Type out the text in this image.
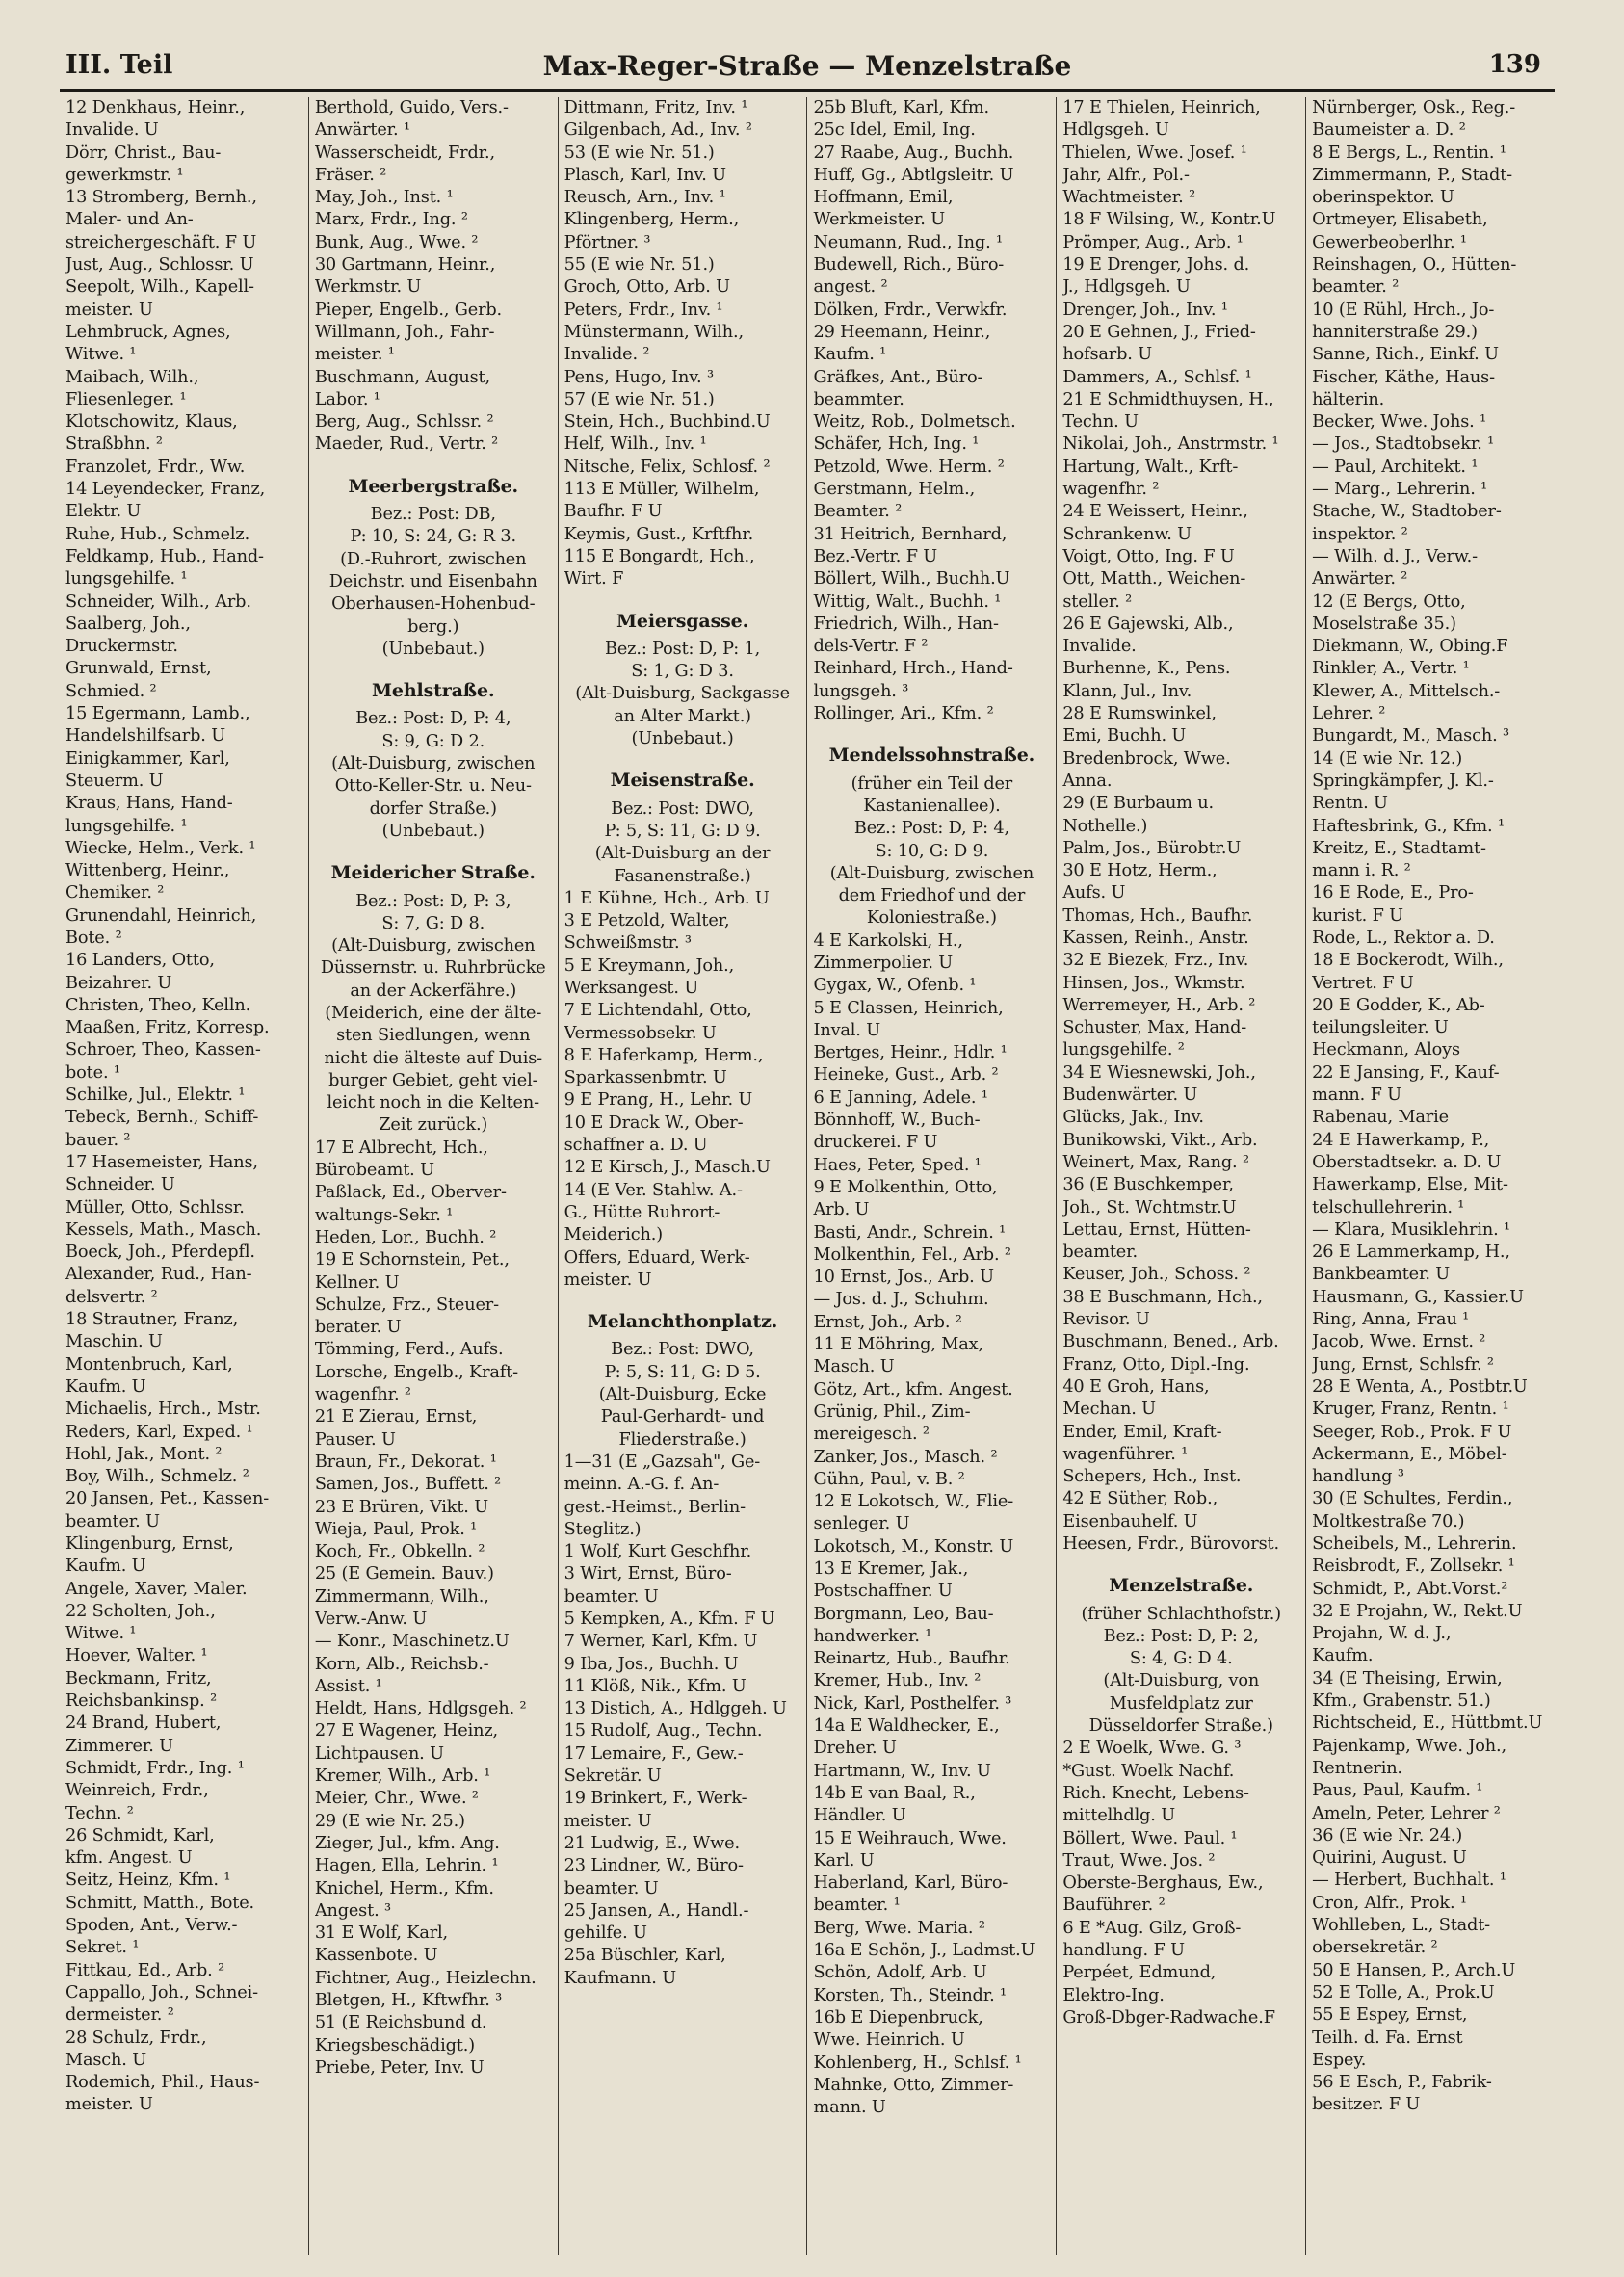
III. Teil	Max-Reger-Straße — Menzelstraße	139
12 Denkhaus, Heinr.,
Invalide. U
Dörr, Christ., Bau-
gewerkmstr. ¹
13 Stromberg, Bernh.,
Maler- und An-
streichergeschäft. F U
Just, Aug., Schlossr. U
Seepolt, Wilh., Kapell-
meister. U
Lehmbruck, Agnes,
Witwe. ¹
Maibach, Wilh.,
Fliesenleger. ¹
Klotschowitz, Klaus,
Straßbhn. ²
Franzolet, Frdr., Ww.
14 Leyendecker, Franz,
Elektr. U
Ruhe, Hub., Schmelz.
Feldkamp, Hub., Hand-
lungsgehilfe. ¹
Schneider, Wilh., Arb.
Saalberg, Joh.,
Druckermstr.
Grunwald, Ernst,
Schmied. ²
15 Egermann, Lamb.,
Handelshilfsarb. U
Einigkammer, Karl,
Steuerm. U
Kraus, Hans, Hand-
lungsgehilfe. ¹
Wiecke, Helm., Verk. ¹
Wittenberg, Heinr.,
Chemiker. ²
Grunendahl, Heinrich,
Bote. ²
16 Landers, Otto,
Beizahrer. U
Christen, Theo, Kelln.
Maaßen, Fritz, Korresp.
Schroer, Theo, Kassen-
bote. ¹
Schilke, Jul., Elektr. ¹
Tebeck, Bernh., Schiff-
bauer. ²
17 Hasemeister, Hans,
Schneider. U
Müller, Otto, Schlssr.
Kessels, Math., Masch.
Boeck, Joh., Pferdepfl.
Alexander, Rud., Han-
delsvertr. ²
18 Strautner, Franz,
Maschin. U
Montenbruch, Karl,
Kaufm. U
Michaelis, Hrch., Mstr.
Reders, Karl, Exped. ¹
Hohl, Jak., Mont. ²
Boy, Wilh., Schmelz. ²
20 Jansen, Pet., Kassen-
beamter. U
Klingenburg, Ernst,
Kaufm. U
Angele, Xaver, Maler.
22 Scholten, Joh.,
Witwe. ¹
Hoever, Walter. ¹
Beckmann, Fritz,
Reichsbankinsp. ²
24 Brand, Hubert,
Zimmerer. U
Schmidt, Frdr., Ing. ¹
Weinreich, Frdr.,
Techn. ²
26 Schmidt, Karl,
kfm. Angest. U
Seitz, Heinz, Kfm. ¹
Schmitt, Matth., Bote.
Spoden, Ant., Verw.-
Sekret. ¹
Fittkau, Ed., Arb. ²
Cappallo, Joh., Schnei-
dermeister. ²
28 Schulz, Frdr.,
Masch. U
Rodemich, Phil., Haus-
meister. U
Berthold, Guido, Vers.-
Anwärter. ¹
Wasserscheidt, Frdr.,
Fräser. ²
May, Joh., Inst. ¹
Marx, Frdr., Ing. ²
Bunk, Aug., Wwe. ²
30 Gartmann, Heinr.,
Werkmstr. U
Pieper, Engelb., Gerb.
Willmann, Joh., Fahr-
meister. ¹
Buschmann, August,
Labor. ¹
Berg, Aug., Schlssr. ²
Maeder, Rud., Vertr. ²
Meerbergstraße.
Bez.: Post: DB,
P: 10, S: 24, G: R 3.
(D.-Ruhrort, zwischen
Deichstr. und Eisenbahn
Oberhausen-Hohenbud-
berg.)
(Unbebaut.)
Mehlstraße.
Bez.: Post: D, P: 4,
S: 9, G: D 2.
(Alt-Duisburg, zwischen
Otto-Keller-Str. u. Neu-
dorfer Straße.)
(Unbebaut.)
Meidericher Straße.
Bez.: Post: D, P: 3,
S: 7, G: D 8.
(Alt-Duisburg, zwischen
Düssernstr. u. Ruhrbrücke
an der Ackerfähre.)
(Meiderich, eine der älte-
sten Siedlungen, wenn
nicht die älteste auf Duis-
burger Gebiet, geht viel-
leicht noch in die Kelten-
Zeit zurück.)
17 E Albrecht, Hch.,
Bürobeamt. U
Paßlack, Ed., Oberver-
waltungs-Sekr. ¹
Heden, Lor., Buchh. ²
19 E Schornstein, Pet.,
Kellner. U
Schulze, Frz., Steuer-
berater. U
Tömming, Ferd., Aufs.
Lorsche, Engelb., Kraft-
wagenfhr. ²
21 E Zierau, Ernst,
Pauser. U
Braun, Fr., Dekorat. ¹
Samen, Jos., Buffett. ²
23 E Brüren, Vikt. U
Wieja, Paul, Prok. ¹
Koch, Fr., Obkelln. ²
25 (E Gemein. Bauv.)
Zimmermann, Wilh.,
Verw.-Anw. U
— Konr., Maschinetz.U
Korn, Alb., Reichsb.-
Assist. ¹
Heldt, Hans, Hdlgsgeh. ²
27 E Wagener, Heinz,
Lichtpausen. U
Kremer, Wilh., Arb. ¹
Meier, Chr., Wwe. ²
29 (E wie Nr. 25.)
Zieger, Jul., kfm. Ang.
Hagen, Ella, Lehrin. ¹
Knichel, Herm., Kfm.
Angest. ³
31 E Wolf, Karl,
Kassenbote. U
Fichtner, Aug., Heizlechn.
Bletgen, H., Kftwfhr. ³
51 (E Reichsbund d.
Kriegsbeschädigt.)
Priebe, Peter, Inv. U
Dittmann, Fritz, Inv. ¹
Gilgenbach, Ad., Inv. ²
53 (E wie Nr. 51.)
Plasch, Karl, Inv. U
Reusch, Arn., Inv. ¹
Klingenberg, Herm.,
Pförtner. ³
55 (E wie Nr. 51.)
Groch, Otto, Arb. U
Peters, Frdr., Inv. ¹
Münstermann, Wilh.,
Invalide. ²
Pens, Hugo, Inv. ³
57 (E wie Nr. 51.)
Stein, Hch., Buchbind.U
Helf, Wilh., Inv. ¹
Nitsche, Felix, Schlosf. ²
113 E Müller, Wilhelm,
Baufhr. F U
Keymis, Gust., Krftfhr.
115 E Bongardt, Hch.,
Wirt. F
Meiersgasse.
Bez.: Post: D, P: 1,
S: 1, G: D 3.
(Alt-Duisburg, Sackgasse
an Alter Markt.)
(Unbebaut.)
Meisenstraße.
Bez.: Post: DWO,
P: 5, S: 11, G: D 9.
(Alt-Duisburg an der
Fasanenstraße.)
1 E Kühne, Hch., Arb. U
3 E Petzold, Walter,
Schweißmstr. ³
5 E Kreymann, Joh.,
Werksangest. U
7 E Lichtendahl, Otto,
Vermessobsekr. U
8 E Haferkamp, Herm.,
Sparkassenbmtr. U
9 E Prang, H., Lehr. U
10 E Drack W., Ober-
schaffner a. D. U
12 E Kirsch, J., Masch.U
14 (E Ver. Stahlw. A.-
G., Hütte Ruhrort-
Meiderich.)
Offers, Eduard, Werk-
meister. U
Melanchthonplatz.
Bez.: Post: DWO,
P: 5, S: 11, G: D 5.
(Alt-Duisburg, Ecke
Paul-Gerhardt- und
Fliederstraße.)
1—31 (E „Gazsah", Ge-
meinn. A.-G. f. An-
gest.-Heimst., Berlin-
Steglitz.)
1 Wolf, Kurt Geschfhr.
3 Wirt, Ernst, Büro-
beamter. U
5 Kempken, A., Kfm. F U
7 Werner, Karl, Kfm. U
9 Iba, Jos., Buchh. U
11 Klöß, Nik., Kfm. U
13 Distich, A., Hdlggeh. U
15 Rudolf, Aug., Techn.
17 Lemaire, F., Gew.-
Sekretär. U
19 Brinkert, F., Werk-
meister. U
21 Ludwig, E., Wwe.
23 Lindner, W., Büro-
beamter. U
25 Jansen, A., Handl.-
gehilfe. U
25a Büschler, Karl,
Kaufmann. U
25b Bluft, Karl, Kfm.
25c Idel, Emil, Ing.
27 Raabe, Aug., Buchh.
Huff, Gg., Abtlgsleitr. U
Hoffmann, Emil,
Werkmeister. U
Neumann, Rud., Ing. ¹
Budewell, Rich., Büro-
angest. ²
Dölken, Frdr., Verwkfr.
29 Heemann, Heinr.,
Kaufm. ¹
Gräfkes, Ant., Büro-
beammter.
Weitz, Rob., Dolmetsch.
Schäfer, Hch, Ing. ¹
Petzold, Wwe. Herm. ²
Gerstmann, Helm.,
Beamter. ²
31 Heitrich, Bernhard,
Bez.-Vertr. F U
Böllert, Wilh., Buchh.U
Wittig, Walt., Buchh. ¹
Friedrich, Wilh., Han-
dels-Vertr. F ²
Reinhard, Hrch., Hand-
lungsgeh. ³
Rollinger, Ari., Kfm. ²
Mendelssohnstraße.
(früher ein Teil der
Kastanienallee).
Bez.: Post: D, P: 4,
S: 10, G: D 9.
(Alt-Duisburg, zwischen
dem Friedhof und der
Koloniestraße.)
4 E Karkolski, H.,
Zimmerpolier. U
Gygax, W., Ofenb. ¹
5 E Classen, Heinrich,
Inval. U
Bertges, Heinr., Hdlr. ¹
Heineke, Gust., Arb. ²
6 E Janning, Adele. ¹
Bönnhoff, W., Buch-
druckerei. F U
Haes, Peter, Sped. ¹
9 E Molkenthin, Otto,
Arb. U
Basti, Andr., Schrein. ¹
Molkenthin, Fel., Arb. ²
10 Ernst, Jos., Arb. U
— Jos. d. J., Schuhm.
Ernst, Joh., Arb. ²
11 E Möhring, Max,
Masch. U
Götz, Art., kfm. Angest.
Grünig, Phil., Zim-
mereigesch. ²
Zanker, Jos., Masch. ²
Gühn, Paul, v. B. ²
12 E Lokotsch, W., Flie-
senleger. U
Lokotsch, M., Konstr. U
13 E Kremer, Jak.,
Postschaffner. U
Borgmann, Leo, Bau-
handwerker. ¹
Reinartz, Hub., Baufhr.
Kremer, Hub., Inv. ²
Nick, Karl, Posthelfer. ³
14a E Waldhecker, E.,
Dreher. U
Hartmann, W., Inv. U
14b E van Baal, R.,
Händler. U
15 E Weihrauch, Wwe.
Karl. U
Haberland, Karl, Büro-
beamter. ¹
Berg, Wwe. Maria. ²
16a E Schön, J., Ladmst.U
Schön, Adolf, Arb. U
Korsten, Th., Steindr. ¹
16b E Diepenbruck,
Wwe. Heinrich. U
Kohlenberg, H., Schlsf. ¹
Mahnke, Otto, Zimmer-
mann. U
17 E Thielen, Heinrich,
Hdlgsgeh. U
Thielen, Wwe. Josef. ¹
Jahr, Alfr., Pol.-
Wachtmeister. ²
18 F Wilsing, W., Kontr.U
Prömper, Aug., Arb. ¹
19 E Drenger, Johs. d.
J., Hdlgsgeh. U
Drenger, Joh., Inv. ¹
20 E Gehnen, J., Fried-
hofsarb. U
Dammers, A., Schlsf. ¹
21 E Schmidthuysen, H.,
Techn. U
Nikolai, Joh., Anstrmstr. ¹
Hartung, Walt., Krft-
wagenfhr. ²
24 E Weissert, Heinr.,
Schrankenw. U
Voigt, Otto, Ing. F U
Ott, Matth., Weichen-
steller. ²
26 E Gajewski, Alb.,
Invalide.
Burhenne, K., Pens.
Klann, Jul., Inv.
28 E Rumswinkel,
Emi, Buchh. U
Bredenbrock, Wwe.
Anna.
29 (E Burbaum u.
Nothelle.)
Palm, Jos., Bürobtr.U
30 E Hotz, Herm.,
Aufs. U
Thomas, Hch., Baufhr.
Kassen, Reinh., Anstr.
32 E Biezek, Frz., Inv.
Hinsen, Jos., Wkmstr.
Werremeyer, H., Arb. ²
Schuster, Max, Hand-
lungsgehilfe. ²
34 E Wiesnewski, Joh.,
Budenwärter. U
Glücks, Jak., Inv.
Bunikowski, Vikt., Arb.
Weinert, Max, Rang. ²
36 (E Buschkemper,
Joh., St. Wchtmstr.U
Lettau, Ernst, Hütten-
beamter.
Keuser, Joh., Schoss. ²
38 E Buschmann, Hch.,
Revisor. U
Buschmann, Bened., Arb.
Franz, Otto, Dipl.-Ing.
40 E Groh, Hans,
Mechan. U
Ender, Emil, Kraft-
wagenführer. ¹
Schepers, Hch., Inst.
42 E Süther, Rob.,
Eisenbauhelf. U
Heesen, Frdr., Bürovorst.
Menzelstraße.
(früher Schlachthofstr.)
Bez.: Post: D, P: 2,
S: 4, G: D 4.
(Alt-Duisburg, von
Musfeldplatz zur
Düsseldorfer Straße.)
2 E Woelk, Wwe. G. ³
*Gust. Woelk Nachf.
Rich. Knecht, Lebens-
mittelhdlg. U
Böllert, Wwe. Paul. ¹
Traut, Wwe. Jos. ²
Oberste-Berghaus, Ew.,
Bauführer. ²
6 E *Aug. Gilz, Groß-
handlung. F U
Perpéet, Edmund,
Elektro-Ing.
Groß-Dbger-Radwache.F
Nürnberger, Osk., Reg.-
Baumeister a. D. ²
8 E Bergs, L., Rentin. ¹
Zimmermann, P., Stadt-
oberinspektor. U
Ortmeyer, Elisabeth,
Gewerbeoberlhr. ¹
Reinshagen, O., Hütten-
beamter. ²
10 (E Rühl, Hrch., Jo-
hanniterstraße 29.)
Sanne, Rich., Einkf. U
Fischer, Käthe, Haus-
hälterin.
Becker, Wwe. Johs. ¹
— Jos., Stadtobsekr. ¹
— Paul, Architekt. ¹
— Marg., Lehrerin. ¹
Stache, W., Stadtober-
inspektor. ²
— Wilh. d. J., Verw.-
Anwärter. ²
12 (E Bergs, Otto,
Moselstraße 35.)
Diekmann, W., Obing.F
Rinkler, A., Vertr. ¹
Klewer, A., Mittelsch.-
Lehrer. ²
Bungardt, M., Masch. ³
14 (E wie Nr. 12.)
Springkämpfer, J. Kl.-
Rentn. U
Haftesbrink, G., Kfm. ¹
Kreitz, E., Stadtamt-
mann i. R. ²
16 E Rode, E., Pro-
kurist. F U
Rode, L., Rektor a. D.
18 E Bockerodt, Wilh.,
Vertret. F U
20 E Godder, K., Ab-
teilungsleiter. U
Heckmann, Aloys
22 E Jansing, F., Kauf-
mann. F U
Rabenau, Marie
24 E Hawerkamp, P.,
Oberstadtsekr. a. D. U
Hawerkamp, Else, Mit-
telschullehrerin. ¹
— Klara, Musiklehrin. ¹
26 E Lammerkamp, H.,
Bankbeamter. U
Hausmann, G., Kassier.U
Ring, Anna, Frau ¹
Jacob, Wwe. Ernst. ²
Jung, Ernst, Schlsfr. ²
28 E Wenta, A., Postbtr.U
Kruger, Franz, Rentn. ¹
Seeger, Rob., Prok. F U
Ackermann, E., Möbel-
handlung ³
30 (E Schultes, Ferdin.,
Moltkestraße 70.)
Scheibels, M., Lehrerin.
Reisbrodt, F., Zollsekr. ¹
Schmidt, P., Abt.Vorst.²
32 E Projahn, W., Rekt.U
Projahn, W. d. J.,
Kaufm.
34 (E Theising, Erwin,
Kfm., Grabenstr. 51.)
Richtscheid, E., Hüttbmt.U
Pajenkamp, Wwe. Joh.,
Rentnerin.
Paus, Paul, Kaufm. ¹
Ameln, Peter, Lehrer ²
36 (E wie Nr. 24.)
Quirini, August. U
— Herbert, Buchhalt. ¹
Cron, Alfr., Prok. ¹
Wohlleben, L., Stadt-
obersekretär. ²
50 E Hansen, P., Arch.U
52 E Tolle, A., Prok.U
55 E Espey, Ernst,
Teilh. d. Fa. Ernst
Espey.
56 E Esch, P., Fabrik-
besitzer. F U
